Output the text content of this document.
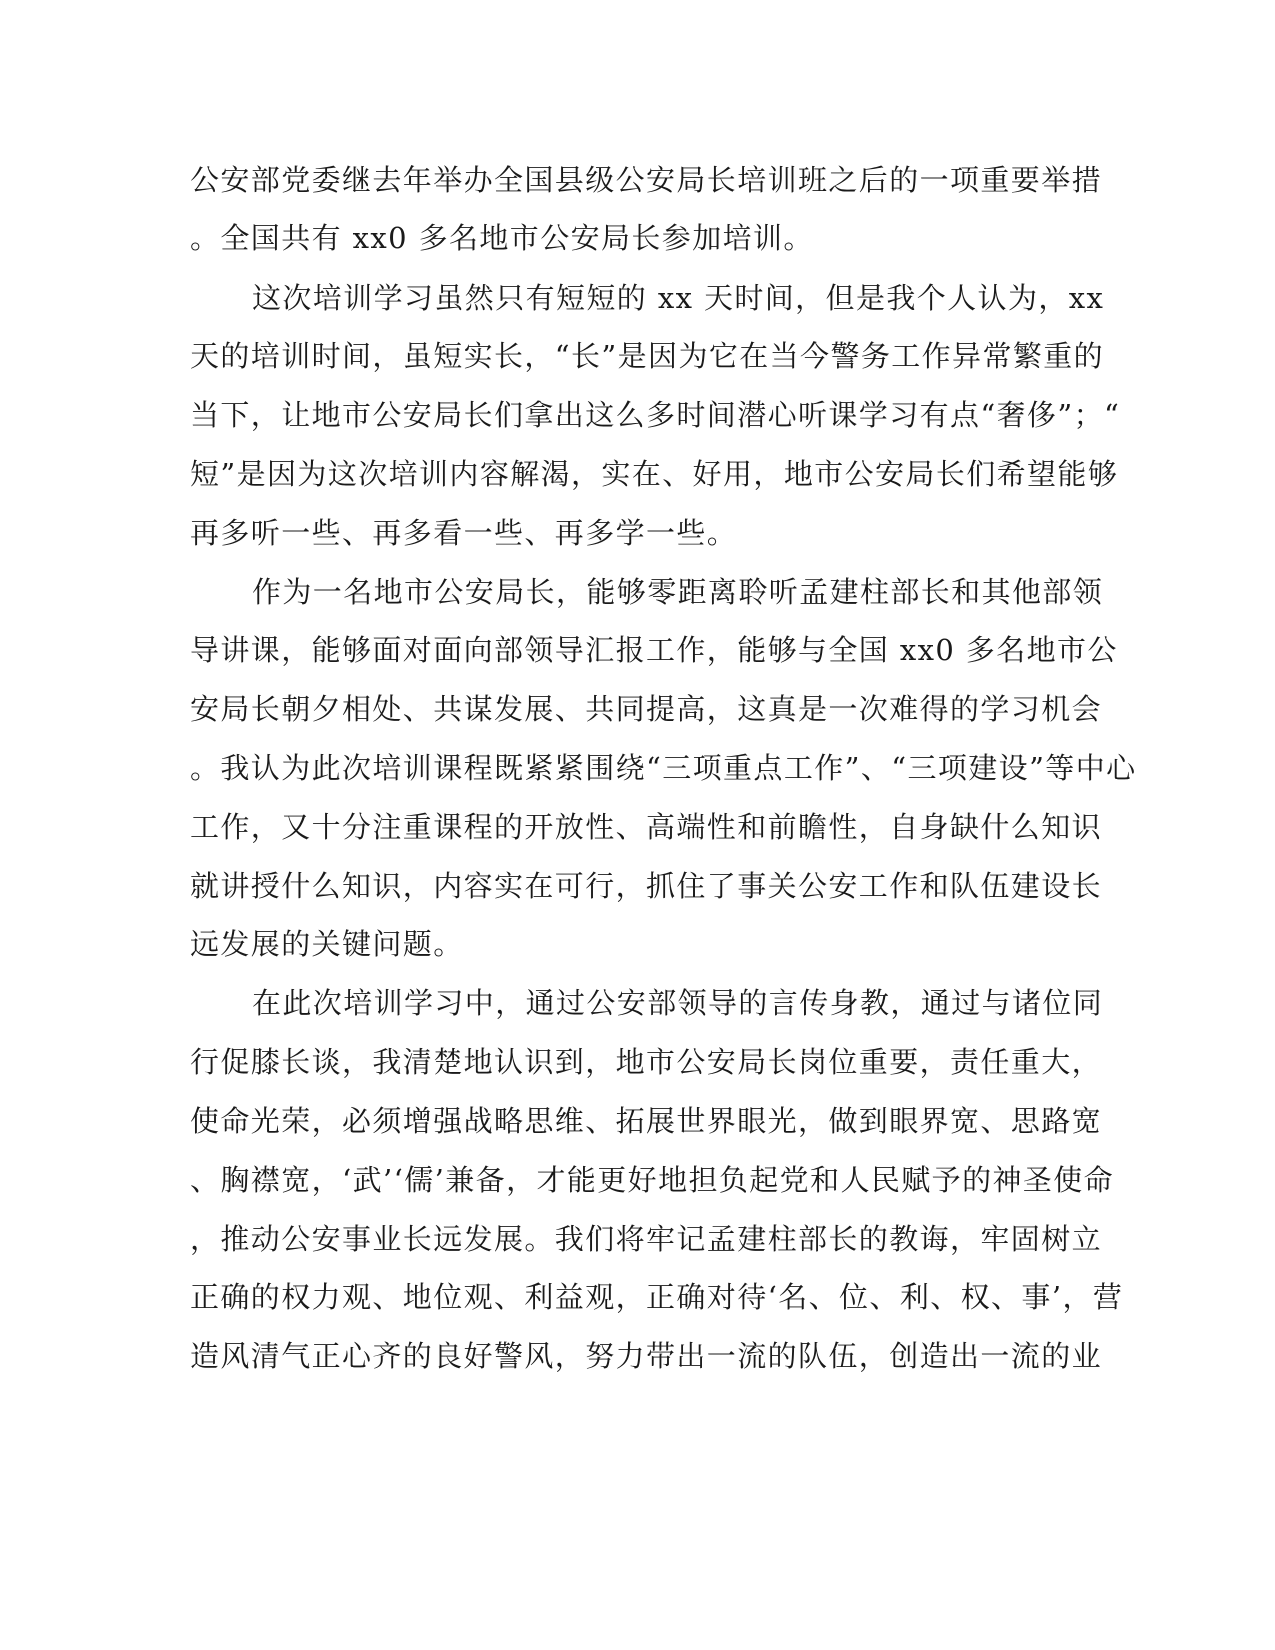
公安部党委继去年举办全国县级公安局长培训班之后的一项重要举措
。全国共有 xx0 多名地市公安局长参加培训。
这次培训学习虽然只有短短的 xx 天时间，但是我个人认为，xx
天的培训时间，虽短实长，“长”是因为它在当今警务工作异常繁重的
当下，让地市公安局长们拿出这么多时间潜心听课学习有点“奢侈”；“
短”是因为这次培训内容解渴，实在、好用，地市公安局长们希望能够
再多听一些、再多看一些、再多学一些。
作为一名地市公安局长，能够零距离聆听孟建柱部长和其他部领
导讲课，能够面对面向部领导汇报工作，能够与全国 xx0 多名地市公
安局长朝夕相处、共谋发展、共同提高，这真是一次难得的学习机会
。我认为此次培训课程既紧紧围绕“三项重点工作”、“三项建设”等中心
工作，又十分注重课程的开放性、高端性和前瞻性，自身缺什么知识
就讲授什么知识，内容实在可行，抓住了事关公安工作和队伍建设长
远发展的关键问题。
在此次培训学习中，通过公安部领导的言传身教，通过与诸位同
行促膝长谈，我清楚地认识到，地市公安局长岗位重要，责任重大，
使命光荣，必须增强战略思维、拓展世界眼光，做到眼界宽、思路宽
、胸襟宽，‘武’‘儒’兼备，才能更好地担负起党和人民赋予的神圣使命
，推动公安事业长远发展。我们将牢记孟建柱部长的教诲，牢固树立
正确的权力观、地位观、利益观，正确对待‘名、位、利、权、事’，营
造风清气正心齐的良好警风，努力带出一流的队伍，创造出一流的业
